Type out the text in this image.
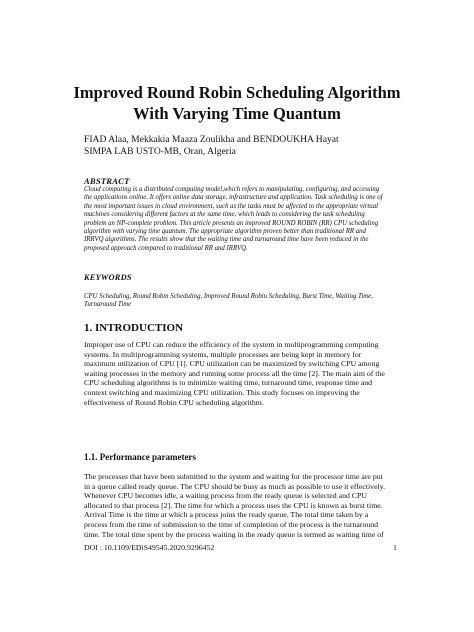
Improved Round Robin Scheduling Algorithm
With Varying Time Quantum
FIAD Alaa, Mekkakia Maaza Zoulikha and BENDOUKHA Hayat
SIMPA LAB USTO-MB, Oran, Algeria
ABSTRACT
Cloud computing is a distributed computing model,which refers to manipulating, configuring, and accessing
the applications online. It offers online data storage, infrastructure and application. Task scheduling is one of
the most important issues in cloud environment, such as the tasks must be affected to the appropriate virtual
machines considering different factors at the same time, which leads to considering the task scheduling
problem an NP-complete problem. This article presents an improved ROUND ROBIN (RR) CPU scheduling
algorithm with varying time quantum. The appropriate algorithm proven better than traditional RR and
IRRVQ algorithms. The results show that the waiting time and turnaround time have been reduced in the
proposed approach compared to traditional RR and IRRVQ.
KEYWORDS
CPU Scheduling, Round Robin Scheduling, Improved Round Robin Scheduling, Burst Time, Waiting Time,
Turnaround Time
1. INTRODUCTION
Improper use of CPU can reduce the efficiency of the system in multiprogramming computing
systems. In multiprogramming systems, multiple processes are being kept in memory for
maximum utilization of CPU [1]. CPU utilization can be maximized by switching CPU among
waiting processes in the memory and running some process all the time [2]. The main aim of the
CPU scheduling algorithms is to minimize waiting time, turnaround time, response time and
context switching and maximizing CPU utilization. This study focuses on improving the
effectiveness of Round Robin CPU scheduling algorithm.
1.1. Performance parameters
The processes that have been submitted to the system and waiting for the processor time are put
in a queue called ready queue. The CPU should be busy as much as possible to use it effectively.
Whenever CPU becomes idle, a waiting process from the ready queue is selected and CPU
allocated to that process [2]. The time for which a process uses the CPU is known as burst time.
Arrival Time is the time at which a process joins the ready queue. The total time taken by a
process from the time of submission to the time of completion of the process is the turnaround
time. The total time spent by the process waiting in the ready queue is termed as waiting time of
DOI : 10.1109/EDiS49545.2020.9296452	1
